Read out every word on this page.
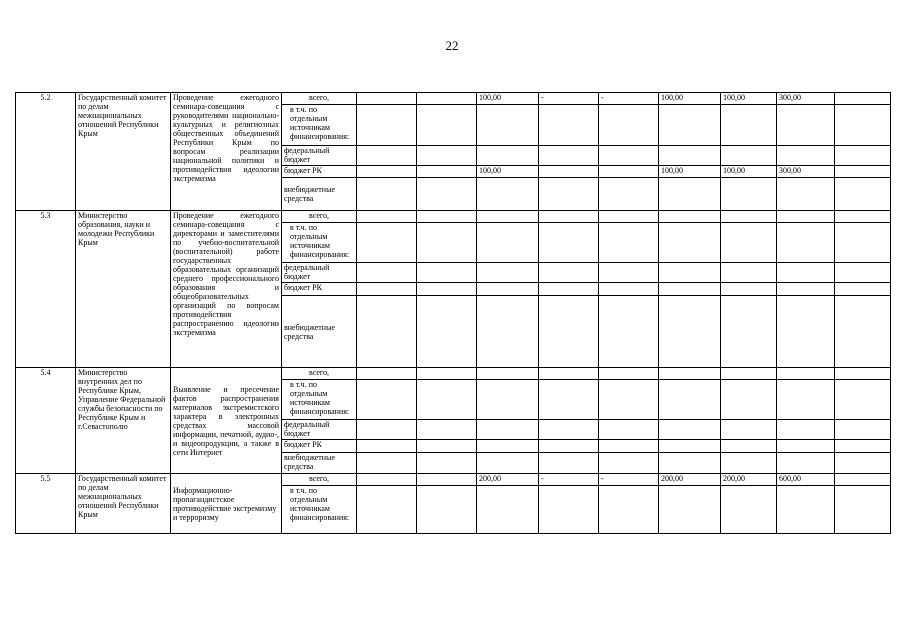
22
5.2	Государственный комитет по делам межнациональных отношений Республики Крым	Проведение ежегодного семинара-совещания с руководителями национально-культурных и религиозных общественных объединений Республики Крым по вопросам реализации национальной политики и противодействия идеологии экстремизма	всего,			100,00	-	-	100,00	100,00	300,00	
			в т.ч. по отдельным источникам финансирования:									
			федеральный бюджет									
			бюджет РК			100,00			100,00	100,00	300,00	
			внебюджетные средства									
5.3	Министерство образования, науки и молодежи Республики Крым	Проведение ежегодного семинара-совещания с директорами и заместителями по учебно-воспитательной (воспитательной) работе государственных образовательных организаций среднего профессионального образования и общеобразовательных организаций по вопросам противодействия распространению идеологии экстремизма	всего,									
			в т.ч. по отдельным источникам финансирования:									
			федеральный бюджет									
			бюджет РК									
			внебюджетные средства									
5.4	Министерство внутренних дел по Республике Крым, Управление Федеральной службы безопасности по Республике Крым и г.Севастополю	Выявление и пресечение фактов распространения материалов экстремистского характера в электронных средствах массовой информации, печатной, аудио-, и видеопродукции, а также в сети Интернет	всего,									
			в т.ч. по отдельным источникам финансирования:									
			федеральный бюджет									
			бюджет РК									
			внебюджетные средства									
5.5	Государственный комитет по делам межнациональных отношений Республики Крым	Информационно-пропагандистское противодействие экстремизму и терроризму	всего,			200,00	-	-	200,00	200,00	600,00	
			в т.ч. по отдельным источникам финансирования:									
